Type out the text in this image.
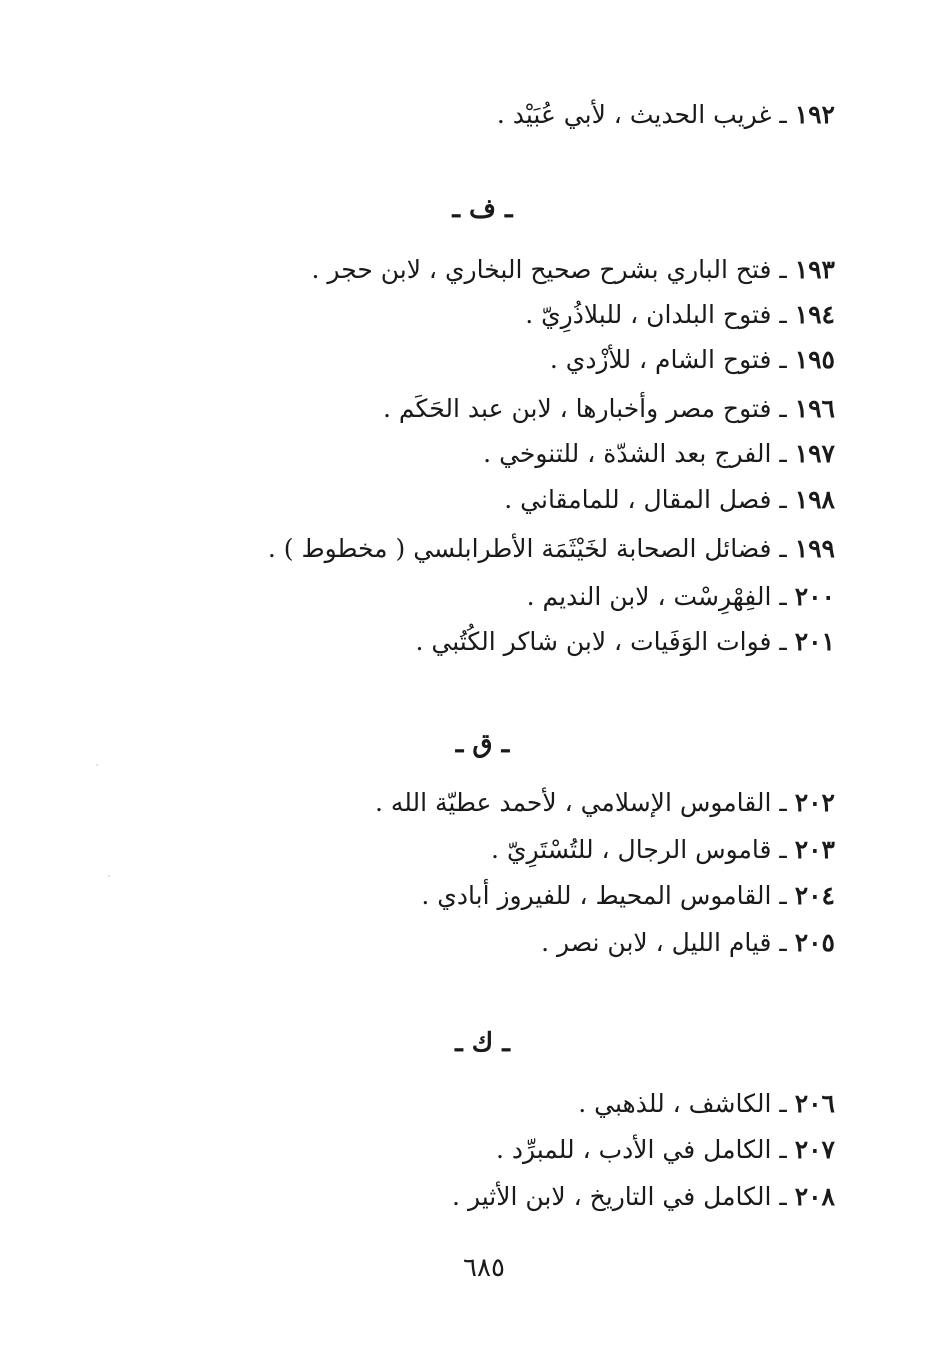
١٩٢ ـ غريب الحديث ، لأبي عُبَيْد .
ـ ف ـ
١٩٣ ـ فتح الباري بشرح صحيح البخاري ، لابن حجر .
١٩٤ ـ فتوح البلدان ، للبلاذُرِيّ .
١٩٥ ـ فتوح الشام ، للأزْدي .
١٩٦ ـ فتوح مصر وأخبارها ، لابن عبد الحَكَم .
١٩٧ ـ الفرج بعد الشدّة ، للتنوخي .
١٩٨ ـ فصل المقال ، للمامقاني .
١٩٩ ـ فضائل الصحابة لخَيْثَمَة الأطرابلسي ( مخطوط ) .
٢٠٠ ـ الفِهْرِسْت ، لابن النديم .
٢٠١ ـ فوات الوَفَيات ، لابن شاكر الكُتُبي .
ـ ق ـ
٢٠٢ ـ القاموس الإسلامي ، لأحمد عطيّة الله .
٢٠٣ ـ قاموس الرجال ، للتُسْتَرِيّ .
٢٠٤ ـ القاموس المحيط ، للفيروز أبادي .
٢٠٥ ـ قيام الليل ، لابن نصر .
ـ ك ـ
٢٠٦ ـ الكاشف ، للذهبي .
٢٠٧ ـ الكامل في الأدب ، للمبرِّد .
٢٠٨ ـ الكامل في التاريخ ، لابن الأثير .
٦٨٥
